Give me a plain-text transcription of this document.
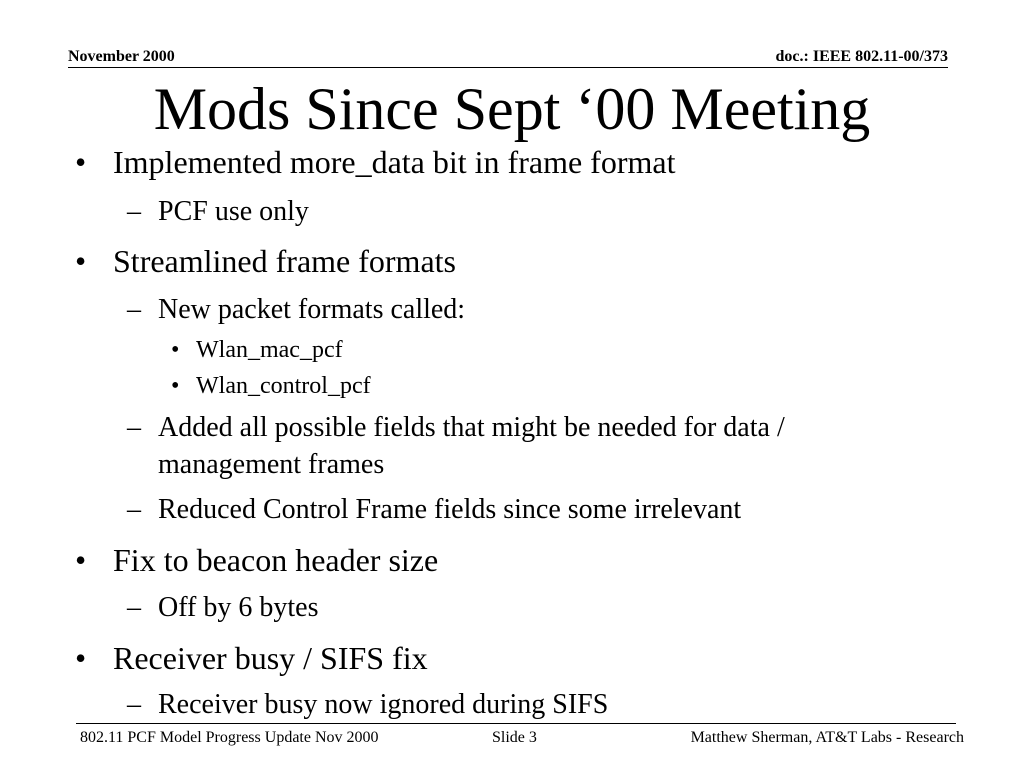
November 2000	doc.: IEEE 802.11-00/373
Mods Since Sept ‘00 Meeting
• Implemented more_data bit in frame format
– PCF use only
• Streamlined frame formats
– New packet formats called:
• Wlan_mac_pcf
• Wlan_control_pcf
– Added all possible fields that might be needed for data /
management frames
– Reduced Control Frame fields since some irrelevant
• Fix to beacon header size
– Off by 6 bytes
• Receiver busy / SIFS fix
– Receiver busy now ignored during SIFS
802.11 PCF Model Progress Update Nov 2000	Slide 3	Matthew Sherman, AT&T Labs - Research
